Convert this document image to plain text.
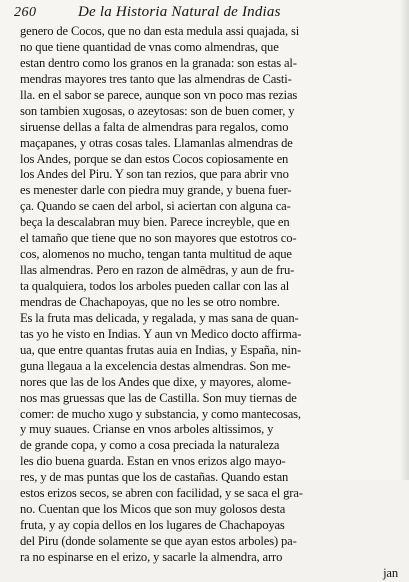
260	De la Historia Natural de Indias
genero de Cocos, que no dan esta medula assi quajada, si
no que tiene quantidad de vnas como almendras, que
estan dentro como los granos en la granada: son estas al-
mendras mayores tres tanto que las almendras de Casti-
lla. en el sabor se parece, aunque son vn poco mas rezias
son tambien xugosas, o azeytosas: son de buen comer, y
siruense dellas a falta de almendras para regalos, como
maçapanes, y otras cosas tales. Llamanlas almendras de
los Andes, porque se dan estos Cocos copiosamente en
los Andes del Piru. Y son tan rezios, que para abrir vno
es menester darle con piedra muy grande, y buena fuer-
ça. Quando se caen del arbol, si aciertan con alguna ca-
beça la descalabran muy bien. Parece increyble, que en
el tamaño que tiene que no son mayores que estotros co-
cos, alomenos no mucho, tengan tanta multitud de aque
llas almendras. Pero en razon de almēdras, y aun de fru-
ta qualquiera, todos los arboles pueden callar con las al
mendras de Chachapoyas, que no les se otro nombre.
Es la fruta mas delicada, y regalada, y mas sana de quan-
tas yo he visto en Indias. Y aun vn Medico docto affirma-
ua, que entre quantas frutas auia en Indias, y España, nin-
guna llegaua a la excelencia destas almendras. Son me-
nores que las de los Andes que dixe, y mayores, alome-
nos mas gruessas que las de Castilla. Son muy tiernas de
comer: de mucho xugo y substancia, y como mantecosas,
y muy suaues. Crianse en vnos arboles altissimos, y
de grande copa, y como a cosa preciada la naturaleza
les dio buena guarda. Estan en vnos erizos algo mayo-
res, y de mas puntas que los de castañas. Quando estan
estos erizos secos, se abren con facilidad, y se saca el gra-
no. Cuentan que los Micos que son muy golosos desta
fruta, y ay copia dellos en los lugares de Chachapoyas
del Piru (donde solamente se que ayan estos arboles) pa-
ra no espinarse en el erizo, y sacarle la almendra, arro
jan
